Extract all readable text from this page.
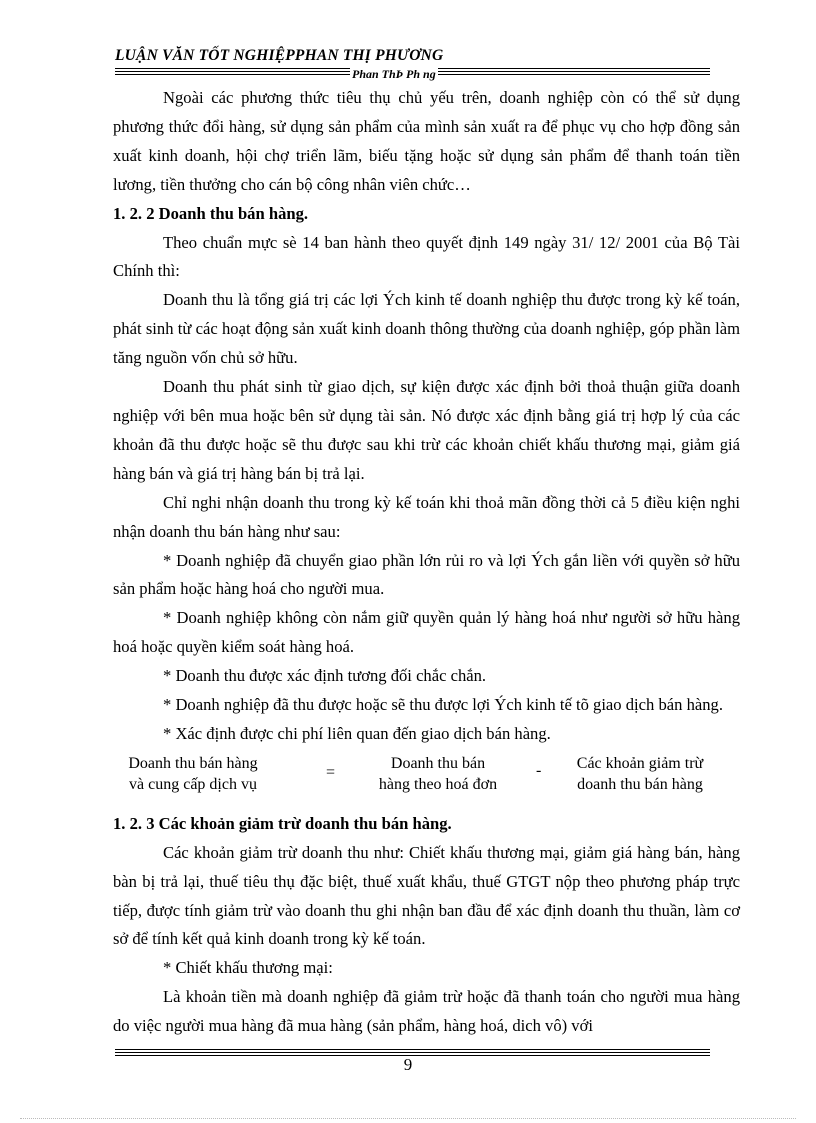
LUẬN VĂN TỐT NGHIỆPPHAN THỊ PHƯƠNG
Phan ThÞ Ph ng

Ngoài các phương thức tiêu thụ chủ yếu trên, doanh nghiệp còn có thể sử dụng phương thức đổi hàng, sử dụng sản phẩm của mình sản xuất ra để phục vụ cho hợp đồng sản xuất kinh doanh, hội chợ triển lãm, biếu tặng hoặc sử dụng sản phẩm để thanh toán tiền lương, tiền thưởng cho cán bộ công nhân viên chức…

1. 2. 2 Doanh thu bán hàng.

Theo chuẩn mực sè 14 ban hành theo quyết định 149 ngày 31/ 12/ 2001 của Bộ Tài Chính thì:

Doanh thu là tổng giá trị các lợi Ých kinh tế doanh nghiệp thu được trong kỳ kế toán, phát sinh từ các hoạt động sản xuất kinh doanh thông thường của doanh nghiệp, góp phần làm tăng nguồn vốn chủ sở hữu.

Doanh thu phát sinh từ giao dịch, sự kiện được xác định bởi thoả thuận giữa doanh nghiệp với bên mua hoặc bên sử dụng tài sản. Nó được xác định bằng giá trị hợp lý của các khoản đã thu được hoặc sẽ thu được sau khi trừ các khoản chiết khấu thương mại, giảm giá hàng bán và giá trị hàng bán bị trả lại.

Chỉ nghi nhận doanh thu trong kỳ kế toán khi thoả mãn đồng thời cả 5 điều kiện nghi nhận doanh thu bán hàng như sau:

* Doanh nghiệp đã chuyển giao phần lớn rủi ro và lợi Ých gắn liền với quyền sở hữu sản phẩm hoặc hàng hoá cho người mua.

* Doanh nghiệp không còn nắm giữ quyền quản lý hàng hoá như người sở hữu hàng hoá hoặc quyền kiểm soát hàng hoá.

* Doanh thu được xác định tương đối chắc chắn.

* Doanh nghiệp đã thu được hoặc sẽ thu được lợi Ých kinh tế tõ giao dịch bán hàng.

* Xác định được chi phí liên quan đến giao dịch bán hàng.

Doanh thu bán hàng
và cung cấp dịch vụ
=
Doanh thu bán
hàng theo hoá đơn
-	Các khoản giảm trừ
doanh thu bán hàng

1. 2. 3 Các khoản giảm trừ doanh thu bán hàng.

Các khoản giảm trừ doanh thu như: Chiết khấu thương mại, giảm giá hàng bán, hàng bàn bị trả lại, thuế tiêu thụ đặc biệt, thuế xuất khẩu, thuế GTGT nộp theo phương pháp trực tiếp, được tính giảm trừ vào doanh thu ghi nhận ban đầu để xác định doanh thu thuần, làm cơ sở để tính kết quả kinh doanh trong kỳ kế toán.

* Chiết khấu thương mại:

Là khoản tiền mà doanh nghiệp đã giảm trừ hoặc đã thanh toán cho người mua hàng do việc người mua hàng đã mua hàng (sản phẩm, hàng hoá, dich vô) với

9
